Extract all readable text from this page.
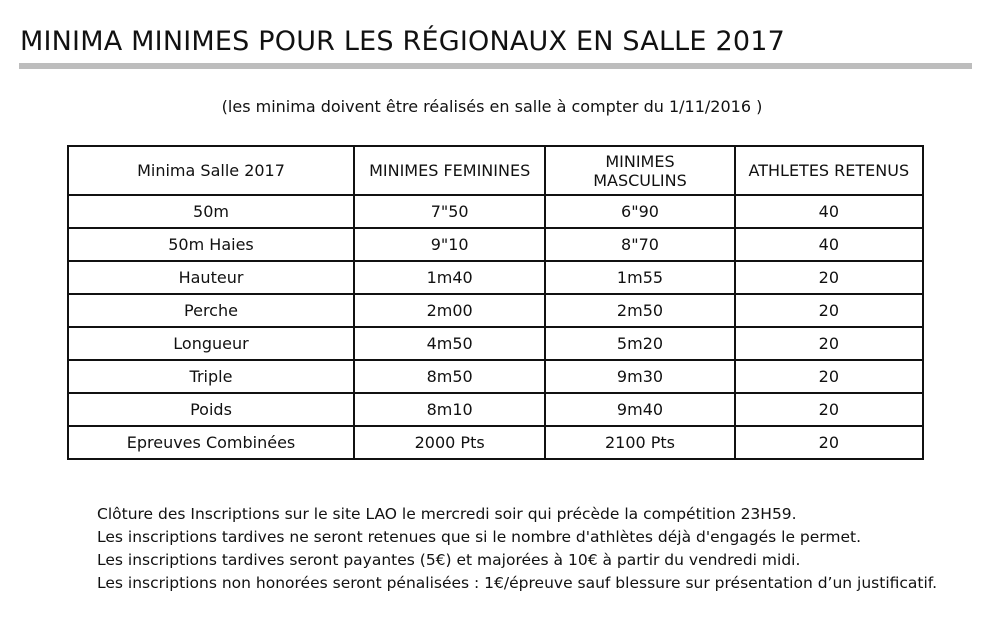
MINIMA MINIMES POUR LES RÉGIONAUX EN SALLE 2017
(les minima doivent être réalisés en salle à compter du 1/11/2016 )
Minima Salle 2017	MINIMES FEMININES	MINIMES MASCULINS	ATHLETES RETENUS
50m	7"50	6"90	40
50m Haies	9"10	8"70	40
Hauteur	1m40	1m55	20
Perche	2m00	2m50	20
Longueur	4m50	5m20	20
Triple	8m50	9m30	20
Poids	8m10	9m40	20
Epreuves Combinées	2000 Pts	2100 Pts	20
Clôture des Inscriptions sur le site LAO le mercredi soir qui précède la compétition 23H59.
Les inscriptions tardives ne seront retenues que si le nombre d'athlètes déjà d'engagés le permet.
Les inscriptions tardives seront payantes (5€) et majorées à 10€ à partir du vendredi midi.
Les inscriptions non honorées seront pénalisées : 1€/épreuve sauf blessure sur présentation d’un justificatif.
